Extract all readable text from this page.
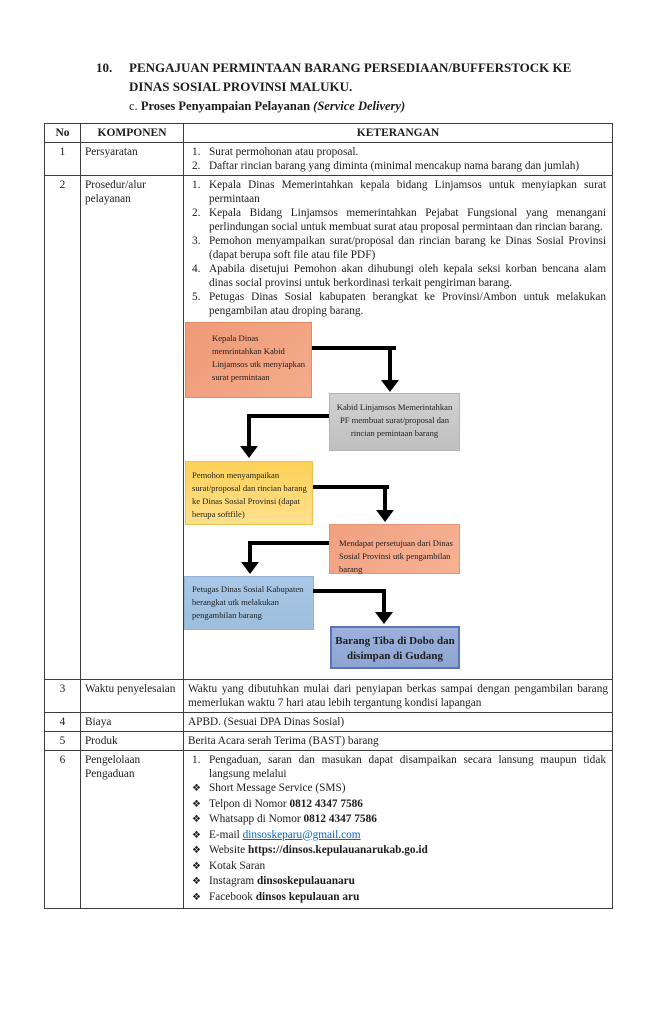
10.	PENGAJUAN PERMINTAAN BARANG PERSEDIAAN/BUFFERSTOCK KE
DINAS SOSIAL PROVINSI MALUKU.
c. Proses Penyampaian Pelayanan (Service Delivery)
No	KOMPONEN	KETERANGAN
1	Persyaratan	1. Surat permohonan atau proposal.
2. Daftar rincian barang yang diminta (minimal mencakup nama barang dan jumlah)

2	Prosedur/alur pelayanan	
1. Kepala Dinas Memerintahkan kepala bidang Linjamsos untuk menyiapkan surat permintaan
2. Kepala Bidang Linjamsos memerintahkan Pejabat Fungsional yang menangani perlindungan social untuk membuat surat atau proposal permintaan dan rincian barang.
3. Pemohon menyampaikan surat/proposal dan rincian barang ke Dinas Sosial Provinsi (dapat berupa soft file atau file PDF)
4. Apabila disetujui Pemohon akan dihubungi oleh kepala seksi korban bencana alam dinas social provinsi untuk berkordinasi terkait pengiriman barang.
5. Petugas Dinas Sosial kabupaten berangkat ke Provinsi/Ambon untuk melakukan pengambilan atau droping barang.
Kepala Dinas memrintahkan Kabid Linjamsos utk menyiapkan surat permintaan
Kabid Linjamsos Memerintahkan PF membuat surat/proposal dan rincian pemintaan barang
Pemohon menyampaikan surat/proposal dan rincian barang ke Dinas Sosial Provinsi (dapat berupa softfile)
Mendapat persetujuan dari Dinas Sosial Provinsi utk pengambilan barang
Petugas Dinas Sosial Kabupaten berangkat utk melakukan pengambilan barang
Barang Tiba di Dobo dan disimpan di Gudang

3	Waktu penyelesaian	Waktu yang dibutuhkan mulai dari penyiapan berkas sampai dengan pengambilan barang memerlukan waktu 7 hari atau lebih tergantung kondisi lapangan

4	Biaya	APBD. (Sesuai DPA Dinas Sosial)

5	Produk	Berita Acara serah Terima (BAST) barang

6	Pengelolaan Pengaduan	
1. Pengaduan, saran dan masukan dapat disampaikan secara lansung maupun tidak langsung melalui
❖ Short Message Service (SMS)
❖ Telpon di Nomor 0812 4347 7586
❖ Whatsapp di Nomor 0812 4347 7586
❖ E-mail dinsoskeparu@gmail.com
❖ Website https://dinsos.kepulauanarukab.go.id
❖ Kotak Saran
❖ Instagram dinsoskepulauanaru
❖ Facebook dinsos kepulauan aru
